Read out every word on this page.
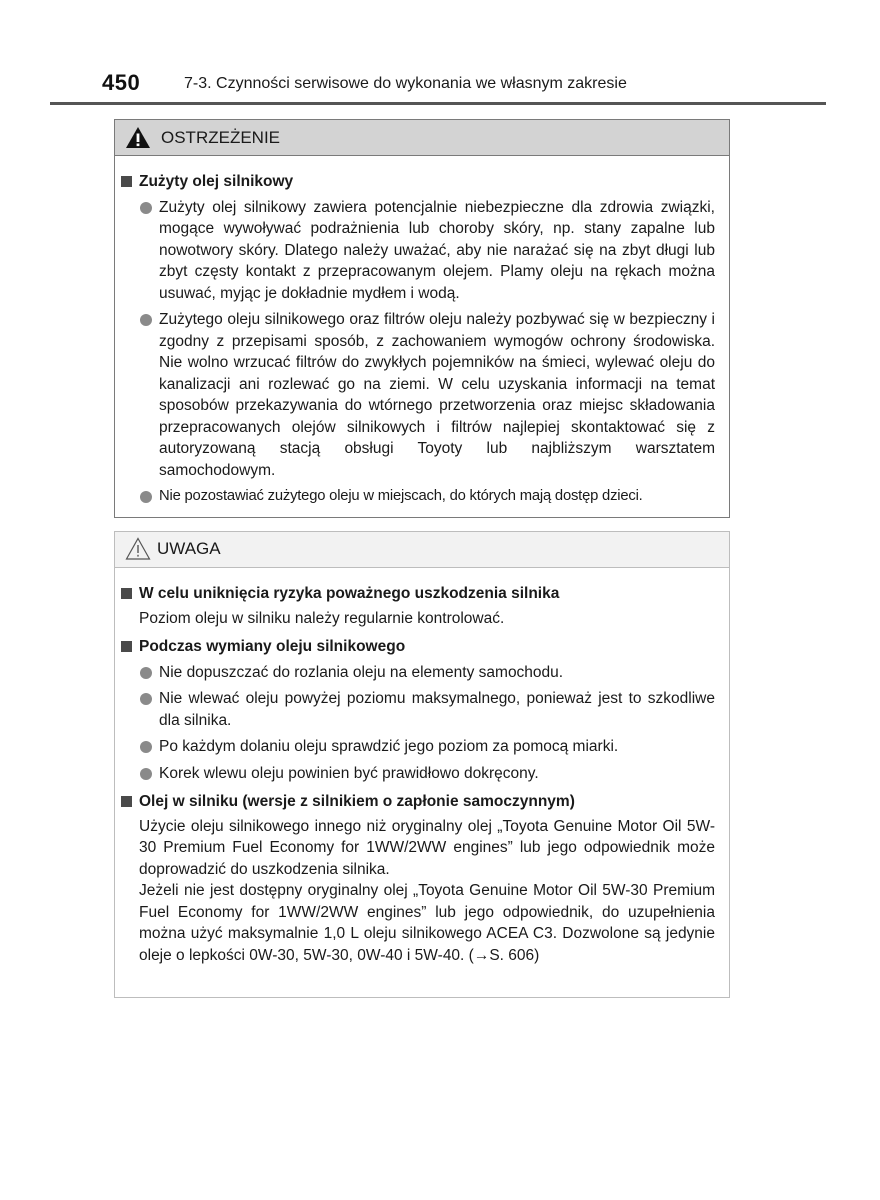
450	7-3. Czynności serwisowe do wykonania we własnym zakresie
OSTRZEŻENIE
Zużyty olej silnikowy
Zużyty olej silnikowy zawiera potencjalnie niebezpieczne dla zdrowia związki, mogące wywoływać podrażnienia lub choroby skóry, np. stany zapalne lub nowotwory skóry. Dlatego należy uważać, aby nie narażać się na zbyt długi lub zbyt częsty kontakt z przepracowanym olejem. Plamy oleju na rękach można usuwać, myjąc je dokładnie mydłem i wodą.
Zużytego oleju silnikowego oraz filtrów oleju należy pozbywać się w bezpieczny i zgodny z przepisami sposób, z zachowaniem wymogów ochrony środowiska. Nie wolno wrzucać filtrów do zwykłych pojemników na śmieci, wylewać oleju do kanalizacji ani rozlewać go na ziemi. W celu uzyskania informacji na temat sposobów przekazywania do wtórnego przetworzenia oraz miejsc składowania przepracowanych olejów silnikowych i filtrów najlepiej skontaktować się z autoryzowaną stacją obsługi Toyoty lub najbliższym warsztatem samochodowym.
Nie pozostawiać zużytego oleju w miejscach, do których mają dostęp dzieci.
UWAGA
W celu uniknięcia ryzyka poważnego uszkodzenia silnika
Poziom oleju w silniku należy regularnie kontrolować.
Podczas wymiany oleju silnikowego
Nie dopuszczać do rozlania oleju na elementy samochodu.
Nie wlewać oleju powyżej poziomu maksymalnego, ponieważ jest to szkodliwe dla silnika.
Po każdym dolaniu oleju sprawdzić jego poziom za pomocą miarki.
Korek wlewu oleju powinien być prawidłowo dokręcony.
Olej w silniku (wersje z silnikiem o zapłonie samoczynnym)
Użycie oleju silnikowego innego niż oryginalny olej „Toyota Genuine Motor Oil 5W-30 Premium Fuel Economy for 1WW/2WW engines” lub jego odpowiednik może doprowadzić do uszkodzenia silnika.
Jeżeli nie jest dostępny oryginalny olej „Toyota Genuine Motor Oil 5W-30 Premium Fuel Economy for 1WW/2WW engines” lub jego odpowiednik, do uzupełnienia można użyć maksymalnie 1,0 L oleju silnikowego ACEA C3. Dozwolone są jedynie oleje o lepkości 0W-30, 5W-30, 0W-40 i 5W-40. (→S. 606)
